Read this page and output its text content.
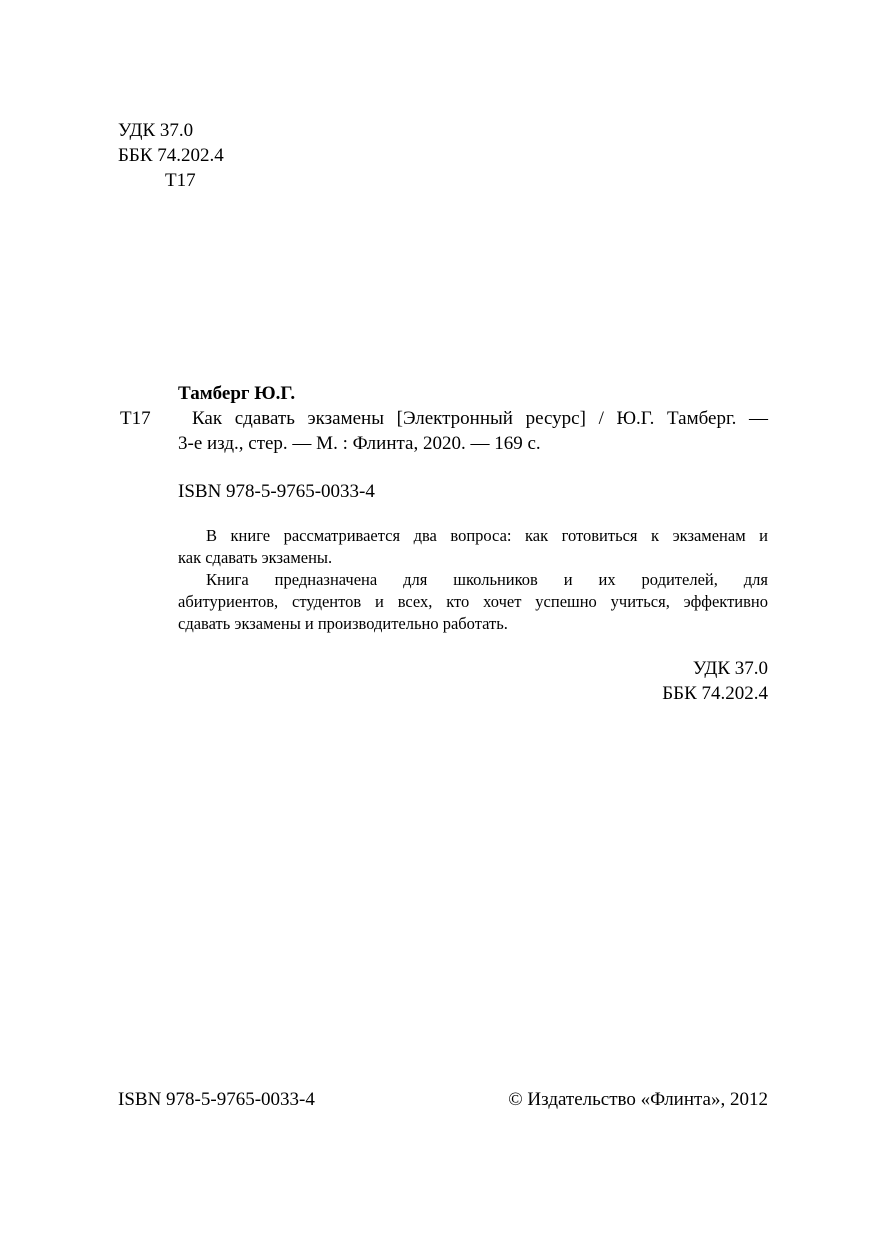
УДК 37.0
ББК 74.202.4
Т17
Тамберг Ю.Г.
Т17 Как сдавать экзамены [Электронный ресурс] / Ю.Г. Тамберг. —
3-е изд., стер. — М. : Флинта, 2020. — 169 с.
ISBN 978-5-9765-0033-4
В книге рассматривается два вопроса: как готовиться к экзаменам и
как сдавать экзамены.
Книга предназначена для школьников и их родителей, для
абитуриентов, студентов и всех, кто хочет успешно учиться, эффективно
сдавать экзамены и производительно работать.
УДК 37.0
ББК 74.202.4
ISBN 978-5-9765-0033-4	© Издательство «Флинта», 2012
